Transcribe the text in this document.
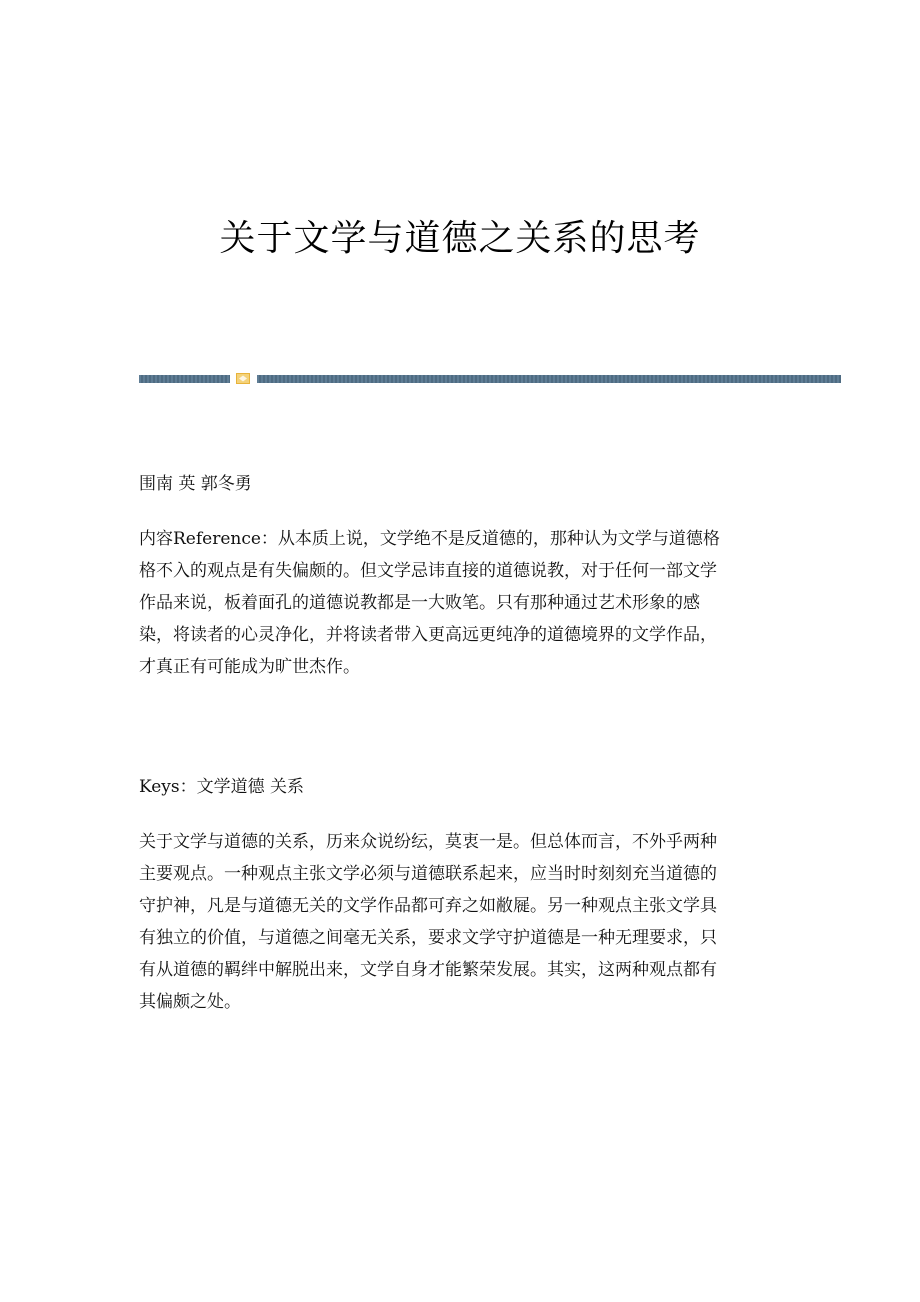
关于文学与道德之关系的思考
围南 英 郭冬勇
内容Reference：从本质上说，文学绝不是反道德的，那种认为文学与道德格
格不入的观点是有失偏颇的。但文学忌讳直接的道德说教，对于任何一部文学
作品来说，板着面孔的道德说教都是一大败笔。只有那种通过艺术形象的感
染，将读者的心灵净化，并将读者带入更高远更纯净的道德境界的文学作品，
才真正有可能成为旷世杰作。
Keys：文学道德 关系
关于文学与道德的关系，历来众说纷纭，莫衷一是。但总体而言，不外乎两种
主要观点。一种观点主张文学必须与道德联系起来，应当时时刻刻充当道德的
守护神，凡是与道德无关的文学作品都可弃之如敝屣。另一种观点主张文学具
有独立的价值，与道德之间毫无关系，要求文学守护道德是一种无理要求，只
有从道德的羁绊中解脱出来，文学自身才能繁荣发展。其实，这两种观点都有
其偏颇之处。
